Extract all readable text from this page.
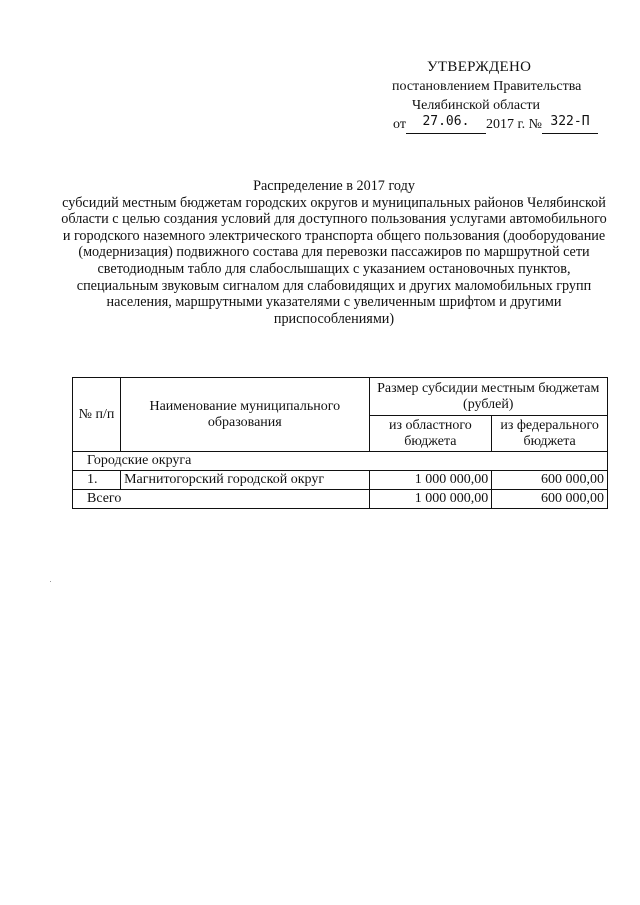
УТВЕРЖДЕНО
постановлением Правительства
Челябинской области
от 27.06. 2017 г. № 322-П
Распределение в 2017 году
субсидий местным бюджетам городских округов и муниципальных районов Челябинской области с целью создания условий для доступного пользования услугами автомобильного и городского наземного электрического транспорта общего пользования (дооборудование (модернизация) подвижного состава для перевозки пассажиров по маршрутной сети светодиодным табло для слабослышащих с указанием остановочных пунктов, специальным звуковым сигналом для слабовидящих и других маломобильных групп населения, маршрутными указателями с увеличенным шрифтом и другими приспособлениями)
№ п/п	Наименование муниципального образования	Размер субсидии местным бюджетам (рублей)	
		из областного бюджета	из федерального бюджета
Городские округа			
1.	Магнитогорский городской округ	1 000 000,00	600 000,00
Всего		1 000 000,00	600 000,00
